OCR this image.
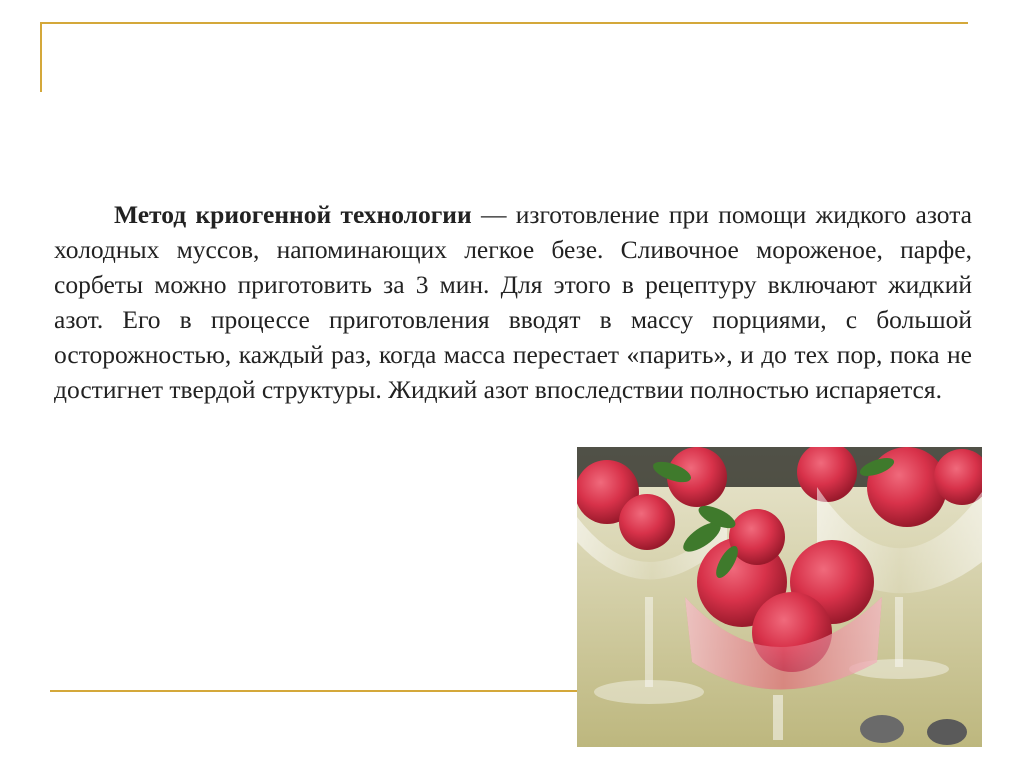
Метод криогенной технологии — изготовление при помощи жидкого азота холодных муссов, напоминающих легкое безе. Сливочное мороженое, парфе, сорбеты можно приготовить за 3 мин. Для этого в рецептуру включают жидкий азот. Его в процессе приготовления вводят в массу порциями, с большой осторожностью, каждый раз, когда масса перестает «парить», и до тех пор, пока не достигнет твердой структуры. Жидкий азот впоследствии полностью испаряется.
